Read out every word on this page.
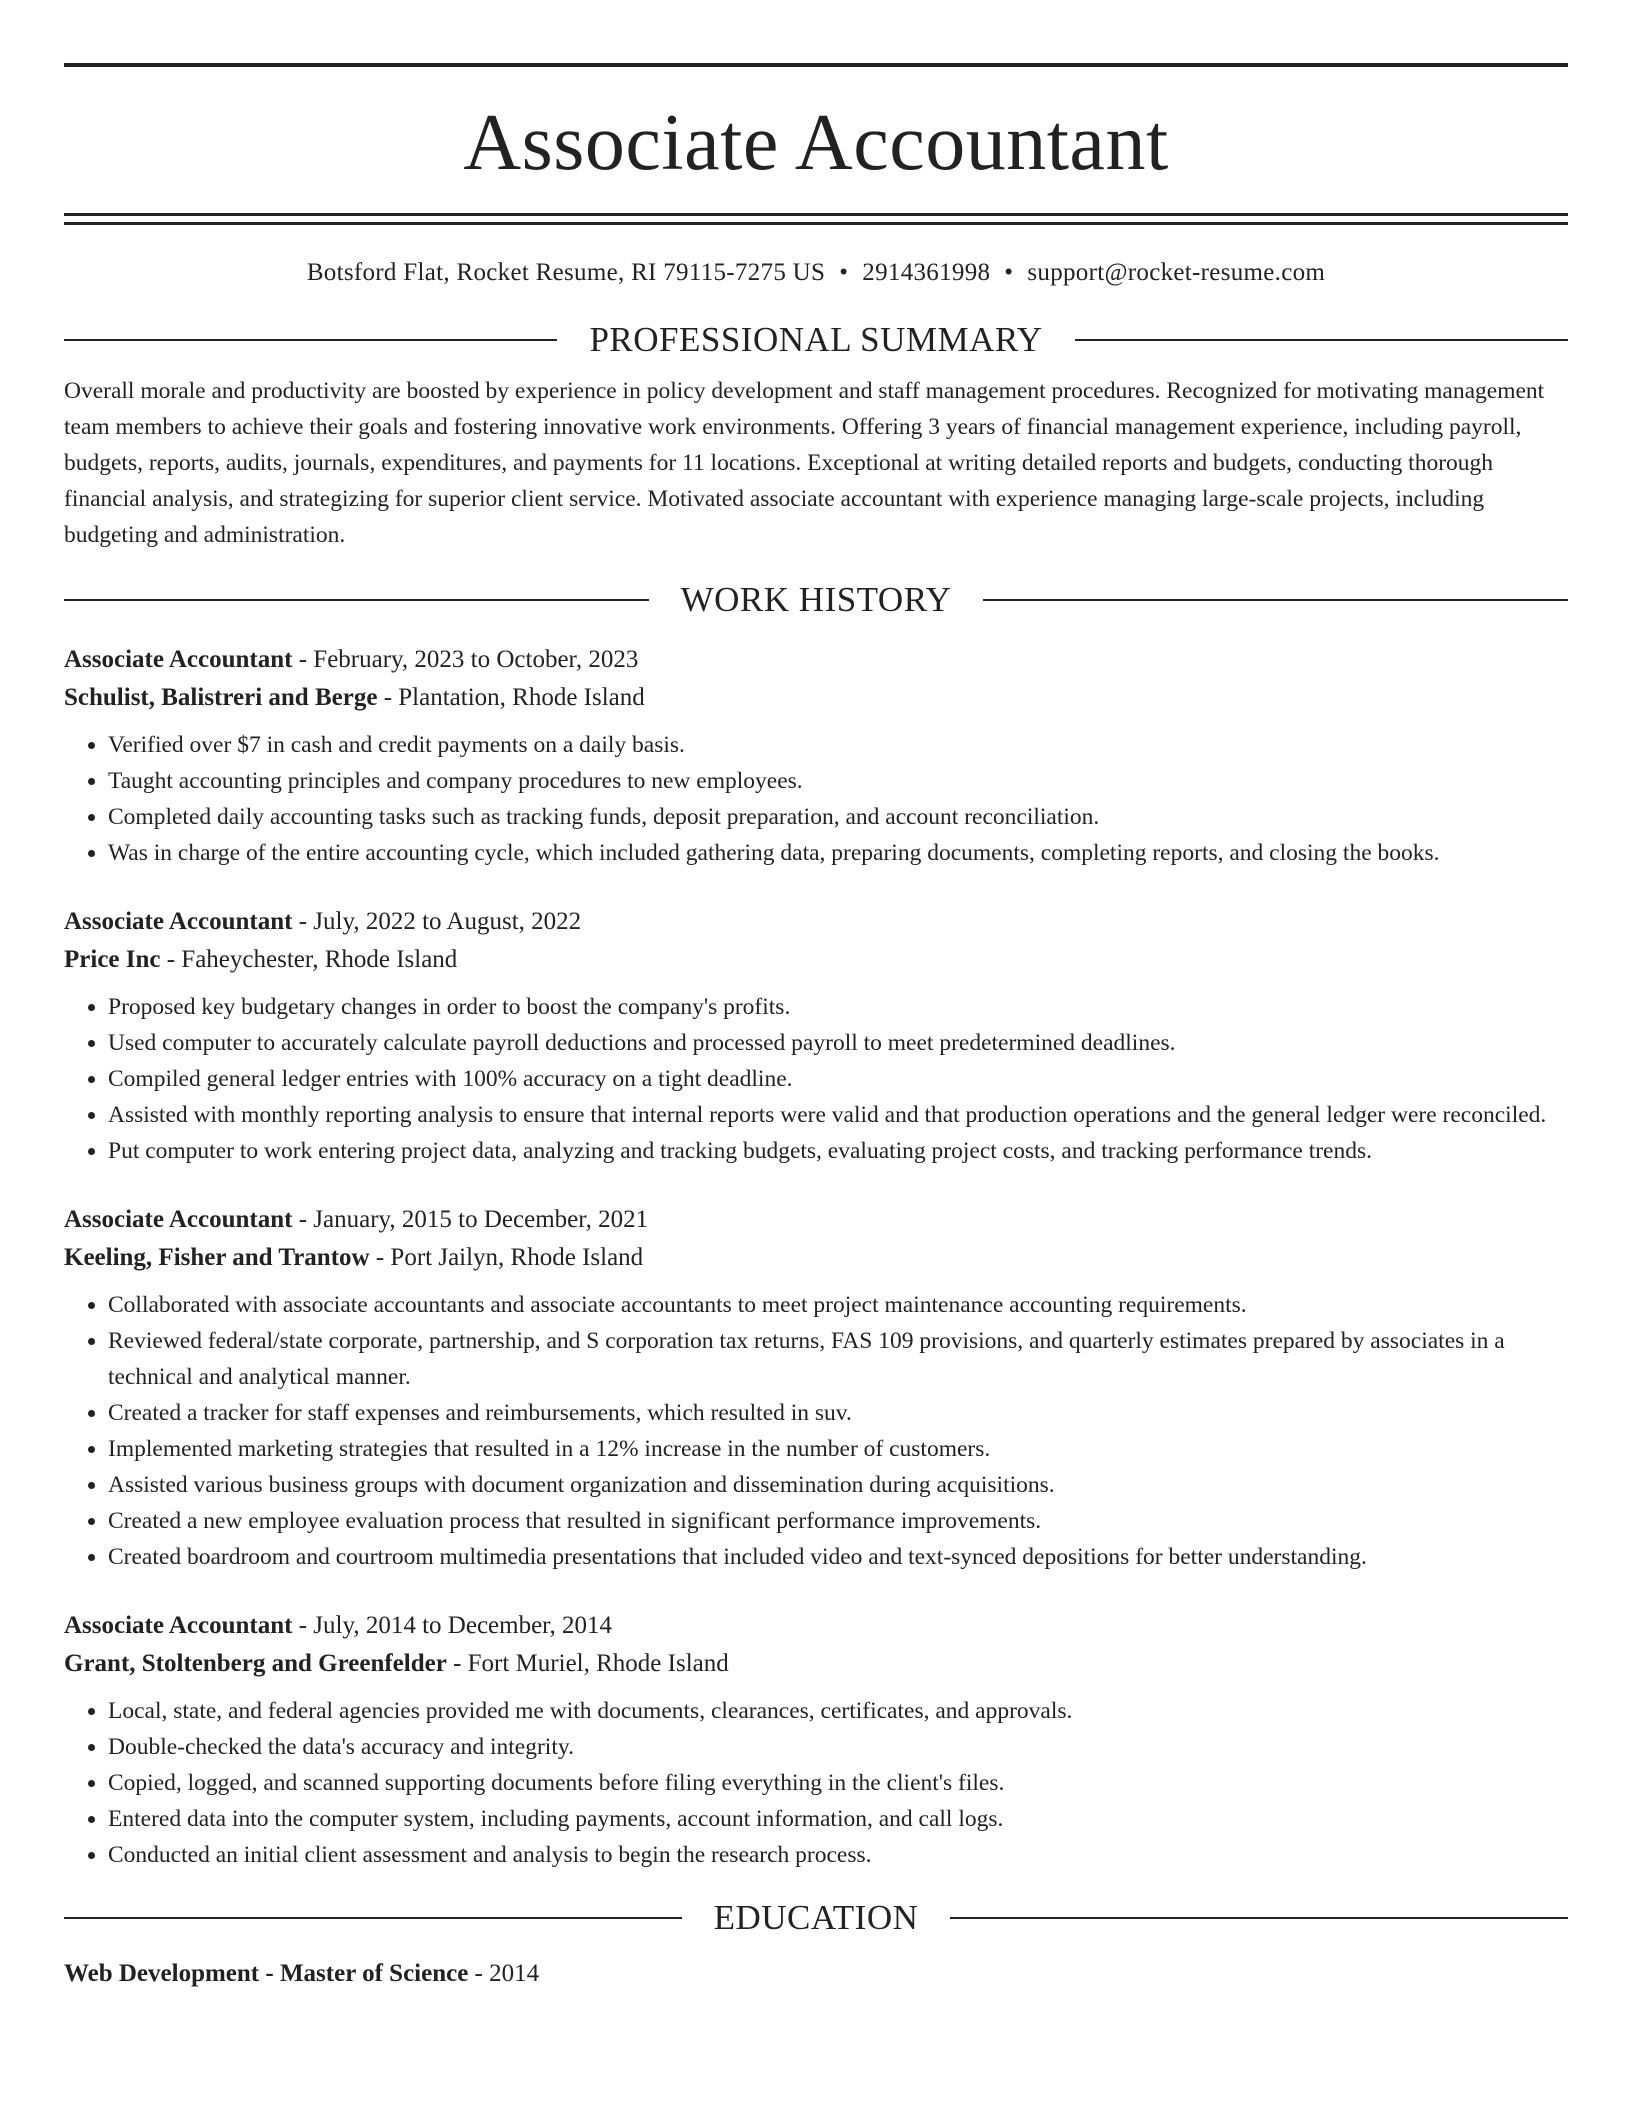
Associate Accountant
Botsford Flat, Rocket Resume, RI 79115-7275 US • 2914361998 • support@rocket-resume.com
PROFESSIONAL SUMMARY

Overall morale and productivity are boosted by experience in policy development and staff management procedures. Recognized for motivating management team members to achieve their goals and fostering innovative work environments. Offering 3 years of financial management experience, including payroll, budgets, reports, audits, journals, expenditures, and payments for 11 locations. Exceptional at writing detailed reports and budgets, conducting thorough financial analysis, and strategizing for superior client service. Motivated associate accountant with experience managing large-scale projects, including budgeting and administration.

WORK HISTORY
Associate Accountant - February, 2023 to October, 2023
Schulist, Balistreri and Berge - Plantation, Rhode Island
• Verified over $7 in cash and credit payments on a daily basis.
• Taught accounting principles and company procedures to new employees.
• Completed daily accounting tasks such as tracking funds, deposit preparation, and account reconciliation.
• Was in charge of the entire accounting cycle, which included gathering data, preparing documents, completing reports, and closing the books.
Associate Accountant - July, 2022 to August, 2022
Price Inc - Faheychester, Rhode Island
• Proposed key budgetary changes in order to boost the company's profits.
• Used computer to accurately calculate payroll deductions and processed payroll to meet predetermined deadlines.
• Compiled general ledger entries with 100% accuracy on a tight deadline.
• Assisted with monthly reporting analysis to ensure that internal reports were valid and that production operations and the general ledger were reconciled.
• Put computer to work entering project data, analyzing and tracking budgets, evaluating project costs, and tracking performance trends.
Associate Accountant - January, 2015 to December, 2021
Keeling, Fisher and Trantow - Port Jailyn, Rhode Island
• Collaborated with associate accountants and associate accountants to meet project maintenance accounting requirements.
• Reviewed federal/state corporate, partnership, and S corporation tax returns, FAS 109 provisions, and quarterly estimates prepared by associates in a technical and analytical manner.
• Created a tracker for staff expenses and reimbursements, which resulted in suv.
• Implemented marketing strategies that resulted in a 12% increase in the number of customers.
• Assisted various business groups with document organization and dissemination during acquisitions.
• Created a new employee evaluation process that resulted in significant performance improvements.
• Created boardroom and courtroom multimedia presentations that included video and text-synced depositions for better understanding.
Associate Accountant - July, 2014 to December, 2014
Grant, Stoltenberg and Greenfelder - Fort Muriel, Rhode Island
• Local, state, and federal agencies provided me with documents, clearances, certificates, and approvals.
• Double-checked the data's accuracy and integrity.
• Copied, logged, and scanned supporting documents before filing everything in the client's files.
• Entered data into the computer system, including payments, account information, and call logs.
• Conducted an initial client assessment and analysis to begin the research process.
EDUCATION
Web Development - Master of Science - 2014
